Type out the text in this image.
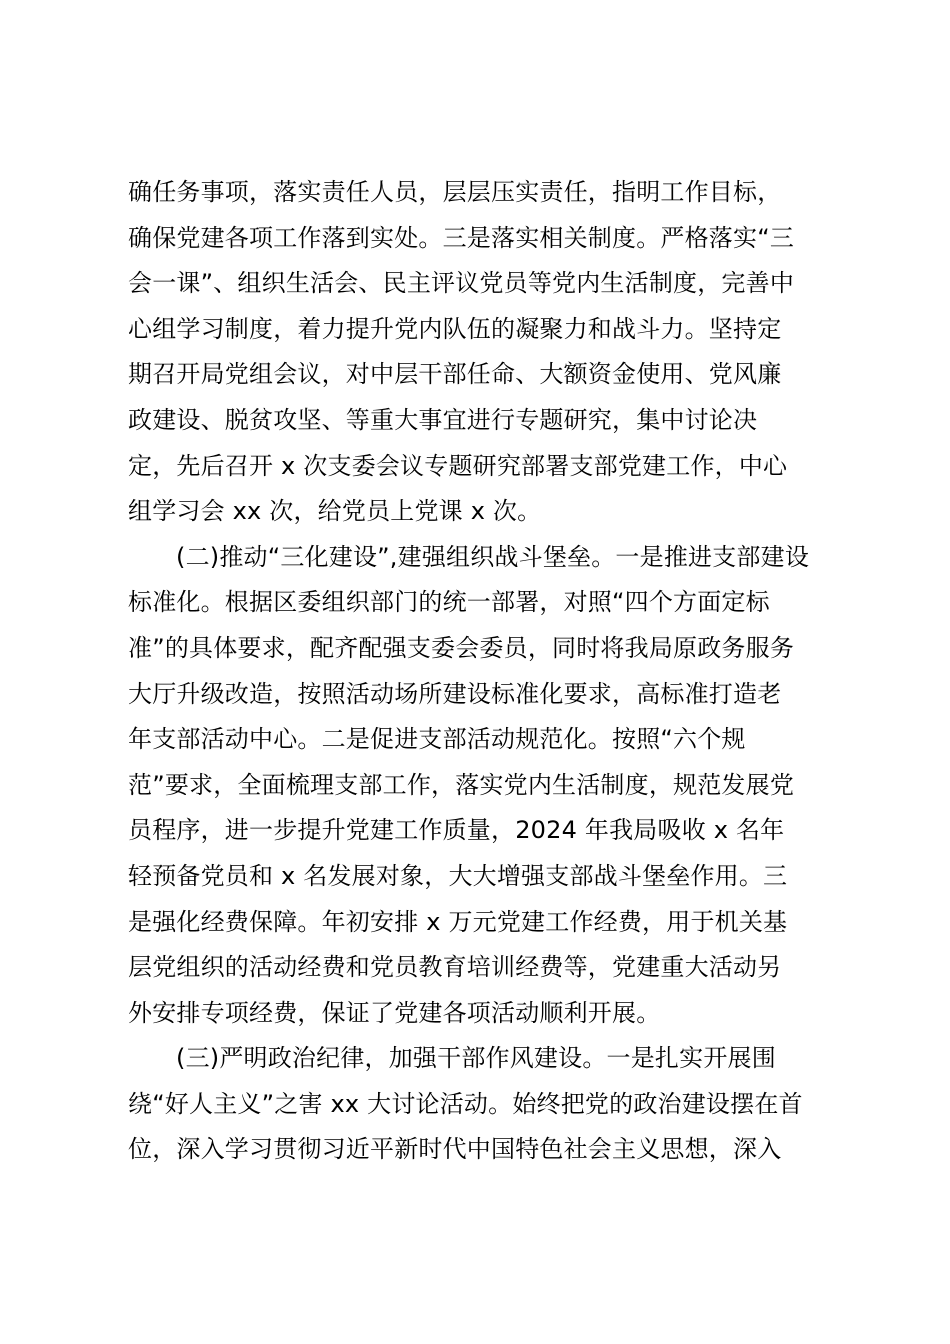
确任务事项，落实责任人员，层层压实责任，指明工作目标，
确保党建各项工作落到实处。三是落实相关制度。严格落实“三
会一课”、组织生活会、民主评议党员等党内生活制度，完善中
心组学习制度，着力提升党内队伍的凝聚力和战斗力。坚持定
期召开局党组会议，对中层干部任命、大额资金使用、党风廉
政建设、脱贫攻坚、等重大事宜进行专题研究，集中讨论决
定，先后召开 x 次支委会议专题研究部署支部党建工作，中心
组学习会 xx 次，给党员上党课 x 次。
(二)推动“三化建设”,建强组织战斗堡垒。一是推进支部建设
标准化。根据区委组织部门的统一部署，对照“四个方面定标
准”的具体要求，配齐配强支委会委员，同时将我局原政务服务
大厅升级改造，按照活动场所建设标准化要求，高标准打造老
年支部活动中心。二是促进支部活动规范化。按照“六个规
范”要求，全面梳理支部工作，落实党内生活制度，规范发展党
员程序，进一步提升党建工作质量，2024 年我局吸收 x 名年
轻预备党员和 x 名发展对象，大大增强支部战斗堡垒作用。三
是强化经费保障。年初安排 x 万元党建工作经费，用于机关基
层党组织的活动经费和党员教育培训经费等，党建重大活动另
外安排专项经费，保证了党建各项活动顺利开展。
(三)严明政治纪律，加强干部作风建设。一是扎实开展围
绕“好人主义”之害 xx 大讨论活动。始终把党的政治建设摆在首
位，深入学习贯彻习近平新时代中国特色社会主义思想，深入
